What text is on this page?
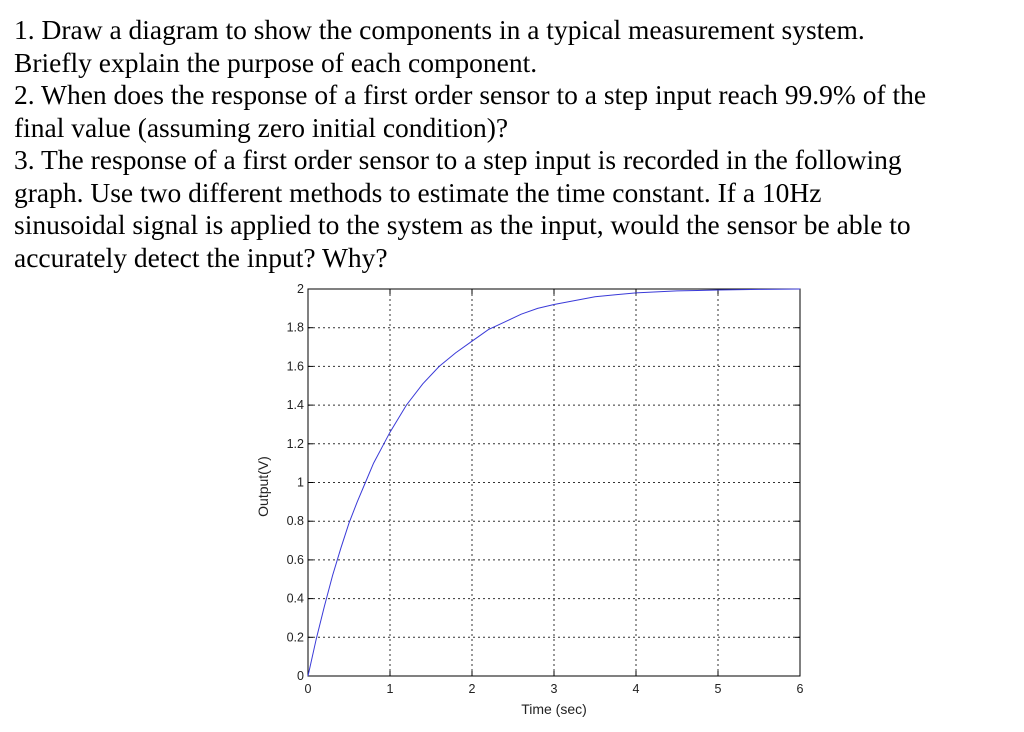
1. Draw a diagram to show the components in a typical measurement system.
Briefly explain the purpose of each component.

2. When does the response of a first order sensor to a step input reach 99.9% of the
final value (assuming zero initial condition)?

3. The response of a first order sensor to a step input is recorded in the following
graph. Use two different methods to estimate the time constant. If a 10Hz
sinusoidal signal is applied to the system as the input, would the sensor be able to
accurately detect the input? Why?

0	1	2	3	4	5	6
0
0.2
0.4
0.6
0.8
1
1.2
1.4
1.6
1.8
2
Time (sec)
Output(V)
